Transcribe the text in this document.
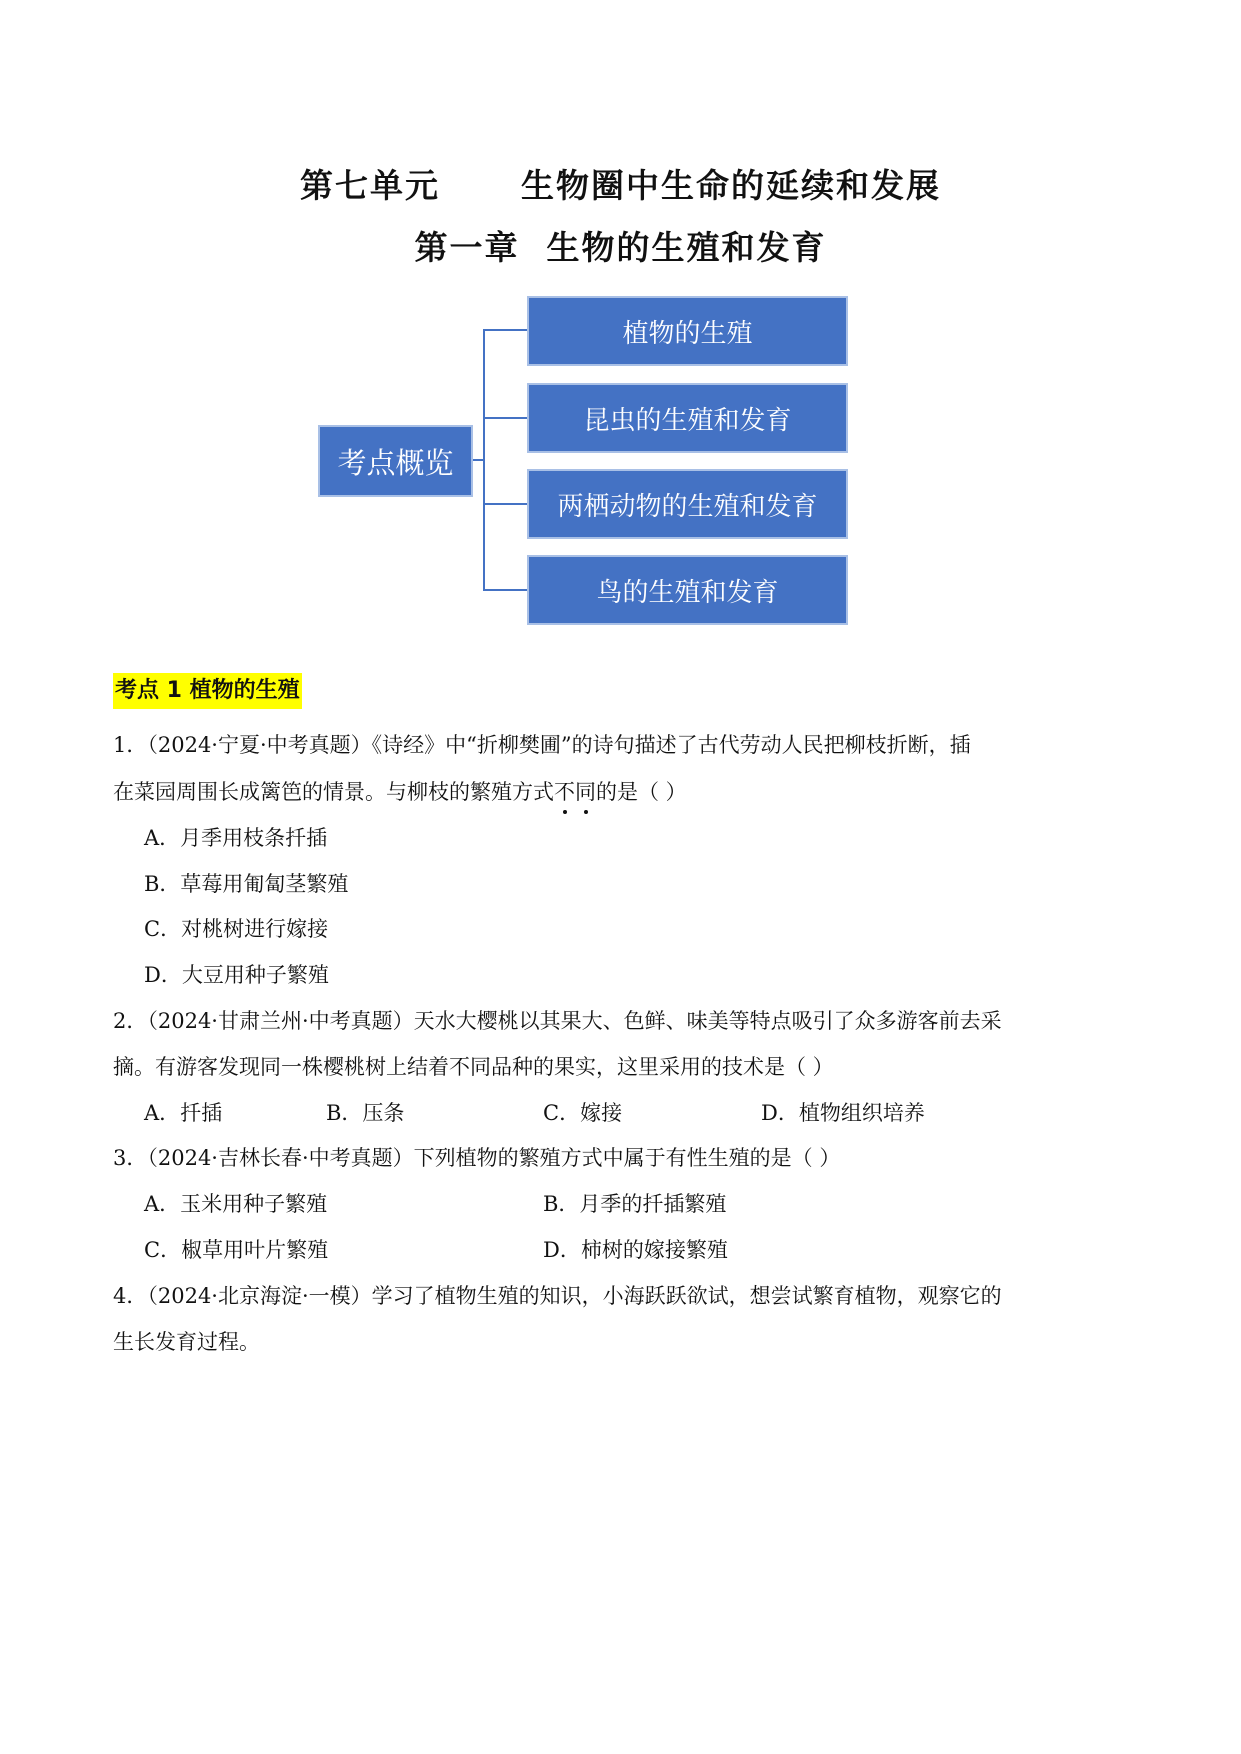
第七单元      生物圈中生命的延续和发展
第一章  生物的生殖和发育
考点概览
植物的生殖
昆虫的生殖和发育
两栖动物的生殖和发育
鸟的生殖和发育
考点 1 植物的生殖
1．（2024·宁夏·中考真题）《诗经》中“折柳樊圃”的诗句描述了古代劳动人民把柳枝折断，插
在菜园周围长成篱笆的情景。与柳枝的繁殖方式不同的是（ ）
A．月季用枝条扦插
B．草莓用匍匐茎繁殖
C．对桃树进行嫁接
D．大豆用种子繁殖
2．（2024·甘肃兰州·中考真题）天水大樱桃以其果大、色鲜、味美等特点吸引了众多游客前去采
摘。有游客发现同一株樱桃树上结着不同品种的果实，这里采用的技术是（ ）
A．扦插	B．压条	C．嫁接	D．植物组织培养
3．（2024·吉林长春·中考真题）下列植物的繁殖方式中属于有性生殖的是（ ）
A．玉米用种子繁殖	B．月季的扦插繁殖
C．椒草用叶片繁殖	D．柿树的嫁接繁殖
4．（2024·北京海淀·一模）学习了植物生殖的知识，小海跃跃欲试，想尝试繁育植物，观察它的
生长发育过程。
